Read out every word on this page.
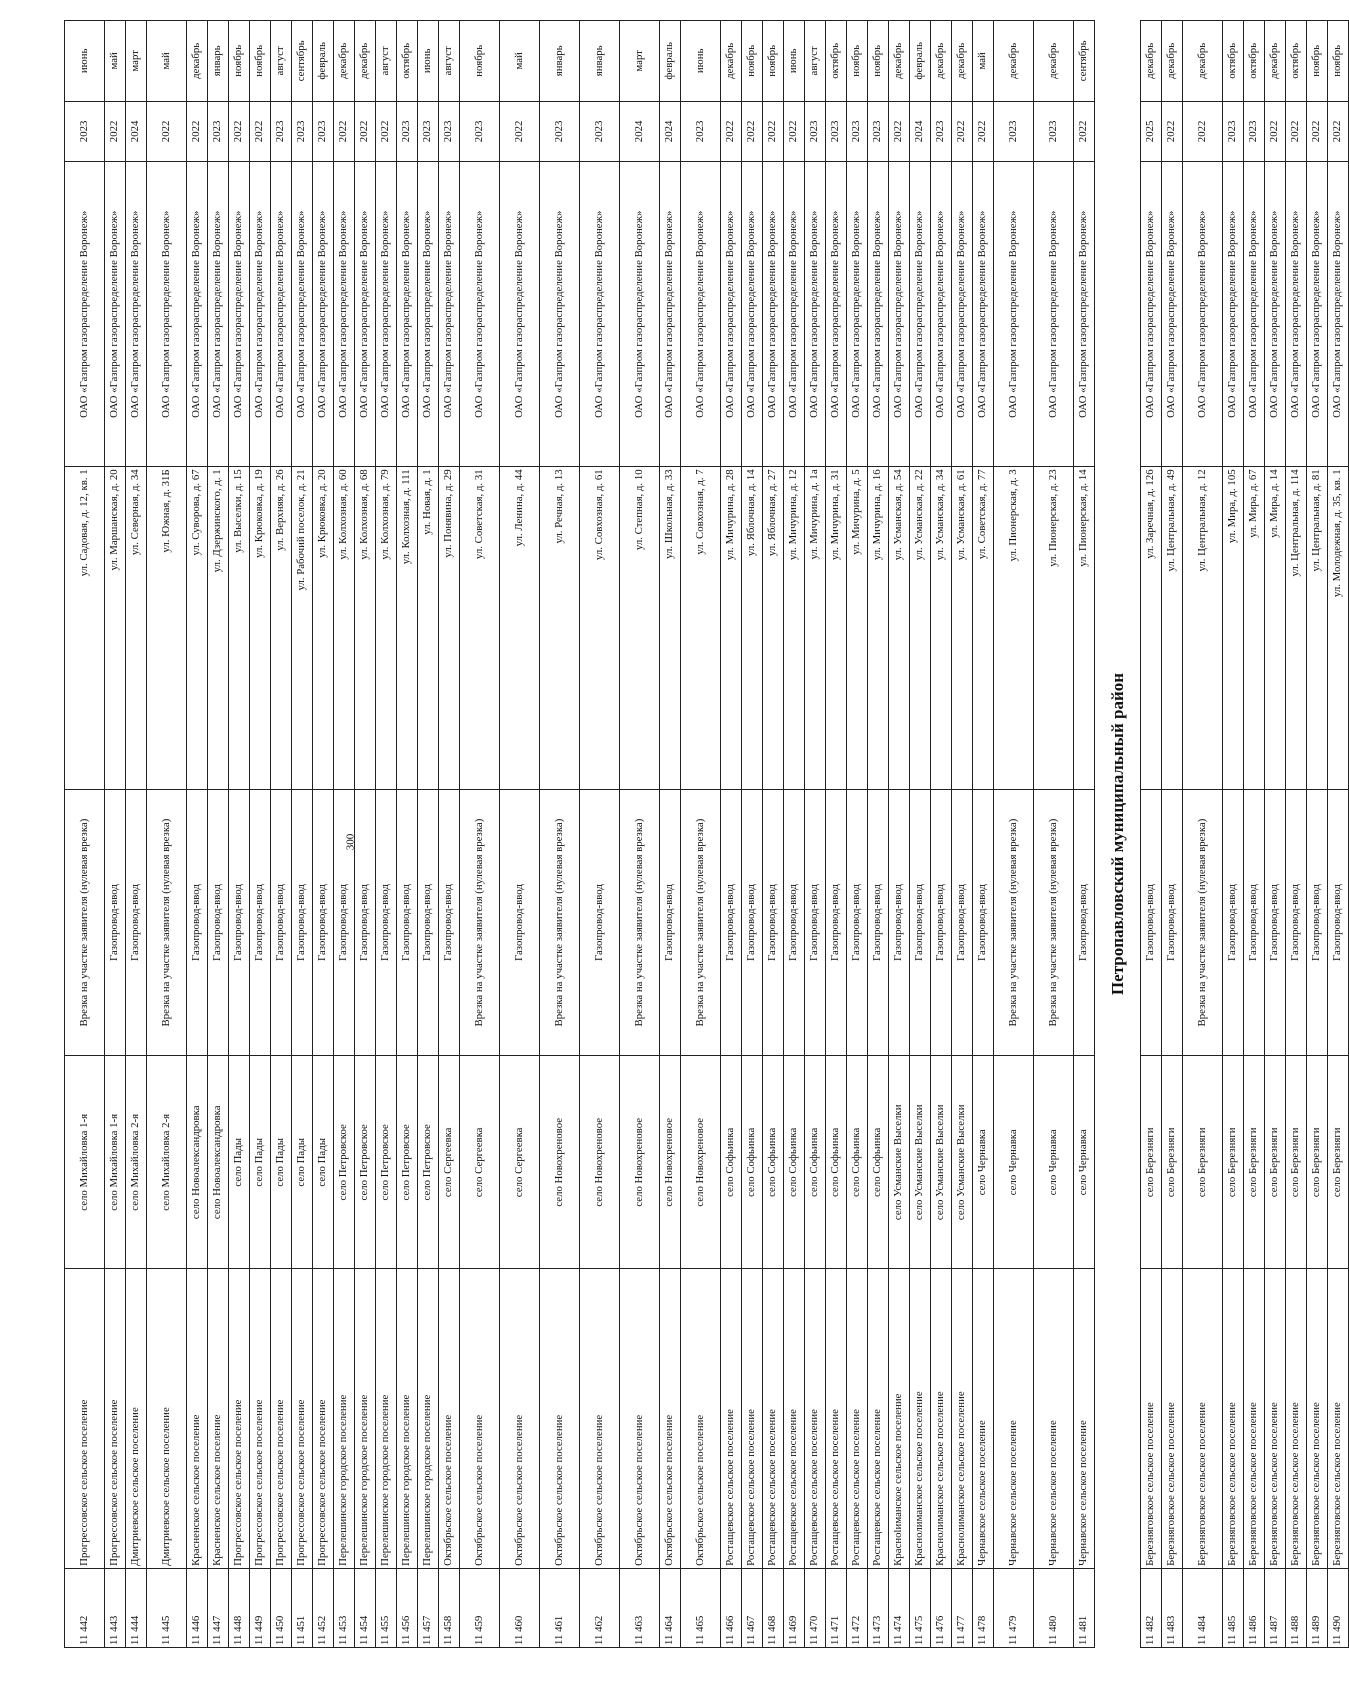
300
11 442	Прогрессовское сельское поселение	село Михайловка 1-я	Врезка на участке заявителя (нулевая врезка)	ул. Садовая, д. 12, кв. 1	ОАО «Газпром газораспределение Воронеж»	2023	июнь
11 443	Прогрессовское сельское поселение	село Михайловка 1-я	Газопровод-ввод	ул. Маршанская, д. 20	ОАО «Газпром газораспределение Воронеж»	2022	май
11 444	Дмитриевское сельское поселение	село Михайловка 2-я	Газопровод-ввод	ул. Северная, д. 34	ОАО «Газпром газораспределение Воронеж»	2024	март
11 445	Дмитриевское сельское поселение	село Михайловка 2-я	Врезка на участке заявителя (нулевая врезка)	ул. Южная, д. 31Б	ОАО «Газпром газораспределение Воронеж»	2022	май
11 446	Красненское сельское поселение	село Новоалександровка	Газопровод-ввод	ул. Суворова, д. 67	ОАО «Газпром газораспределение Воронеж»	2022	декабрь
11 447	Красненское сельское поселение	село Новоалександровка	Газопровод-ввод	ул. Дзержинского, д. 1	ОАО «Газпром газораспределение Воронеж»	2023	январь
11 448	Прогрессовское сельское поселение	село Пады	Газопровод-ввод	ул. Выселки, д. 15	ОАО «Газпром газораспределение Воронеж»	2022	ноябрь
11 449	Прогрессовское сельское поселение	село Пады	Газопровод-ввод	ул. Крюковка, д. 19	ОАО «Газпром газораспределение Воронеж»	2022	ноябрь
11 450	Прогрессовское сельское поселение	село Пады	Газопровод-ввод	ул. Верхняя, д. 26	ОАО «Газпром газораспределение Воронеж»	2023	август
11 451	Прогрессовское сельское поселение	село Пады	Газопровод-ввод	ул. Рабочий поселок, д. 21	ОАО «Газпром газораспределение Воронеж»	2023	сентябрь
11 452	Прогрессовское сельское поселение	село Пады	Газопровод-ввод	ул. Крюковка, д. 20	ОАО «Газпром газораспределение Воронеж»	2023	февраль
11 453	Перелешинское городское поселение	село Петровское	Газопровод-ввод	ул. Колхозная, д. 60	ОАО «Газпром газораспределение Воронеж»	2022	декабрь
11 454	Перелешинское городское поселение	село Петровское	Газопровод-ввод	ул. Колхозная, д. 68	ОАО «Газпром газораспределение Воронеж»	2022	декабрь
11 455	Перелешинское городское поселение	село Петровское	Газопровод-ввод	ул. Колхозная, д. 79	ОАО «Газпром газораспределение Воронеж»	2022	август
11 456	Перелешинское городское поселение	село Петровское	Газопровод-ввод	ул. Колхозная, д. 111	ОАО «Газпром газораспределение Воронеж»	2023	октябрь
11 457	Перелешинское городское поселение	село Петровское	Газопровод-ввод	ул. Новая, д. 1	ОАО «Газпром газораспределение Воронеж»	2023	июнь
11 458	Октябрьское сельское поселение	село Сергеевка	Газопровод-ввод	ул. Понявина, д. 29	ОАО «Газпром газораспределение Воронеж»	2023	август
11 459	Октябрьское сельское поселение	село Сергеевка	Врезка на участке заявителя (нулевая врезка)	ул. Советская, д. 31	ОАО «Газпром газораспределение Воронеж»	2023	ноябрь
11 460	Октябрьское сельское поселение	село Сергеевка	Газопровод-ввод	ул. Ленина, д. 44	ОАО «Газпром газораспределение Воронеж»	2022	май
11 461	Октябрьское сельское поселение	село Новохреновое	Врезка на участке заявителя (нулевая врезка)	ул. Речная, д. 13	ОАО «Газпром газораспределение Воронеж»	2023	январь
11 462	Октябрьское сельское поселение	село Новохреновое	Газопровод-ввод	ул. Совхозная, д. 61	ОАО «Газпром газораспределение Воронеж»	2023	январь
11 463	Октябрьское сельское поселение	село Новохреновое	Врезка на участке заявителя (нулевая врезка)	ул. Степная, д. 10	ОАО «Газпром газораспределение Воронеж»	2024	март
11 464	Октябрьское сельское поселение	село Новохреновое	Газопровод-ввод	ул. Школьная, д. 33	ОАО «Газпром газораспределение Воронеж»	2024	февраль
11 465	Октябрьское сельское поселение	село Новохреновое	Врезка на участке заявителя (нулевая врезка)	ул. Совхозная, д. 7	ОАО «Газпром газораспределение Воронеж»	2023	июнь
11 466	Ростащевское сельское поселение	село Софьинка	Газопровод-ввод	ул. Мичурина, д. 28	ОАО «Газпром газораспределение Воронеж»	2022	декабрь
11 467	Ростащевское сельское поселение	село Софьинка	Газопровод-ввод	ул. Яблочная, д. 14	ОАО «Газпром газораспределение Воронеж»	2022	ноябрь
11 468	Ростащевское сельское поселение	село Софьинка	Газопровод-ввод	ул. Яблочная, д. 27	ОАО «Газпром газораспределение Воронеж»	2022	ноябрь
11 469	Ростащевское сельское поселение	село Софьинка	Газопровод-ввод	ул. Мичурина, д. 12	ОАО «Газпром газораспределение Воронеж»	2022	июнь
11 470	Ростащевское сельское поселение	село Софьинка	Газопровод-ввод	ул. Мичурина, д. 1а	ОАО «Газпром газораспределение Воронеж»	2023	август
11 471	Ростащевское сельское поселение	село Софьинка	Газопровод-ввод	ул. Мичурина, д. 31	ОАО «Газпром газораспределение Воронеж»	2023	октябрь
11 472	Ростащевское сельское поселение	село Софьинка	Газопровод-ввод	ул. Мичурина, д. 5	ОАО «Газпром газораспределение Воронеж»	2023	ноябрь
11 473	Ростащевское сельское поселение	село Софьинка	Газопровод-ввод	ул. Мичурина, д. 16	ОАО «Газпром газораспределение Воронеж»	2023	ноябрь
11 474	Красноlиманское сельское поселение	село Усманские Выселки	Газопровод-ввод	ул. Усманская, д. 54	ОАО «Газпром газораспределение Воронеж»	2022	декабрь
11 475	Краснолиманское сельское поселение	село Усманские Выселки	Газопровод-ввод	ул. Усманская, д. 22	ОАО «Газпром газораспределение Воронеж»	2024	февраль
11 476	Краснолиманское сельское поселение	село Усманские Выселки	Газопровод-ввод	ул. Усманская, д. 34	ОАО «Газпром газораспределение Воронеж»	2023	декабрь
11 477	Краснолиманское сельское поселение	село Усманские Выселки	Газопровод-ввод	ул. Усманская, д. 61	ОАО «Газпром газораспределение Воронеж»	2022	декабрь
11 478	Чернавское сельское поселение	село Чернавка	Газопровод-ввод	ул. Советская, д. 77	ОАО «Газпром газораспределение Воронеж»	2022	май
11 479	Чернавское сельское поселение	село Чернавка	Врезка на участке заявителя (нулевая врезка)	ул. Пионерская, д. 3	ОАО «Газпром газораспределение Воронеж»	2023	декабрь
11 480	Чернавское сельское поселение	село Чернавка	Врезка на участке заявителя (нулевая врезка)	ул. Пионерская, д. 23	ОАО «Газпром газораспределение Воронеж»	2023	декабрь
11 481	Чернавское сельское поселение	село Чернавка	Газопровод-ввод	ул. Пионерская, д. 14	ОАО «Газпром газораспределение Воронеж»	2022	сентябрь
Петропавловский муниципальный район							
11 482	Березняговское сельское поселение	село Березняги	Газопровод-ввод	ул. Заречная, д. 126	ОАО «Газпром газораспределение Воронеж»	2025	декабрь
11 483	Березняговское сельское поселение	село Березняги	Газопровод-ввод	ул. Центральная, д. 49	ОАО «Газпром газораспределение Воронеж»	2022	декабрь
11 484	Березняговское сельское поселение	село Березняги	Врезка на участке заявителя (нулевая врезка)	ул. Центральная, д. 12	ОАО «Газпром газораспределение Воронеж»	2022	декабрь
11 485	Березняговское сельское поселение	село Березняги	Газопровод-ввод	ул. Мира, д. 105	ОАО «Газпром газораспределение Воронеж»	2023	октябрь
11 486	Березняговское сельское поселение	село Березняги	Газопровод-ввод	ул. Мира, д. 67	ОАО «Газпром газораспределение Воронеж»	2023	октябрь
11 487	Березняговское сельское поселение	село Березняги	Газопровод-ввод	ул. Мира, д. 14	ОАО «Газпром газораспределение Воронеж»	2022	декабрь
11 488	Березняговское сельское поселение	село Березняги	Газопровод-ввод	ул. Центральная, д. 114	ОАО «Газпром газораспределение Воронеж»	2022	октябрь
11 489	Березняговское сельское поселение	село Березняги	Газопровод-ввод	ул. Центральная, д. 81	ОАО «Газпром газораспределение Воронеж»	2022	ноябрь
11 490	Березняговское сельское поселение	село Березняги	Газопровод-ввод	ул. Молодежная, д. 35, кв. 1	ОАО «Газпром газораспределение Воронеж»	2022	ноябрь
